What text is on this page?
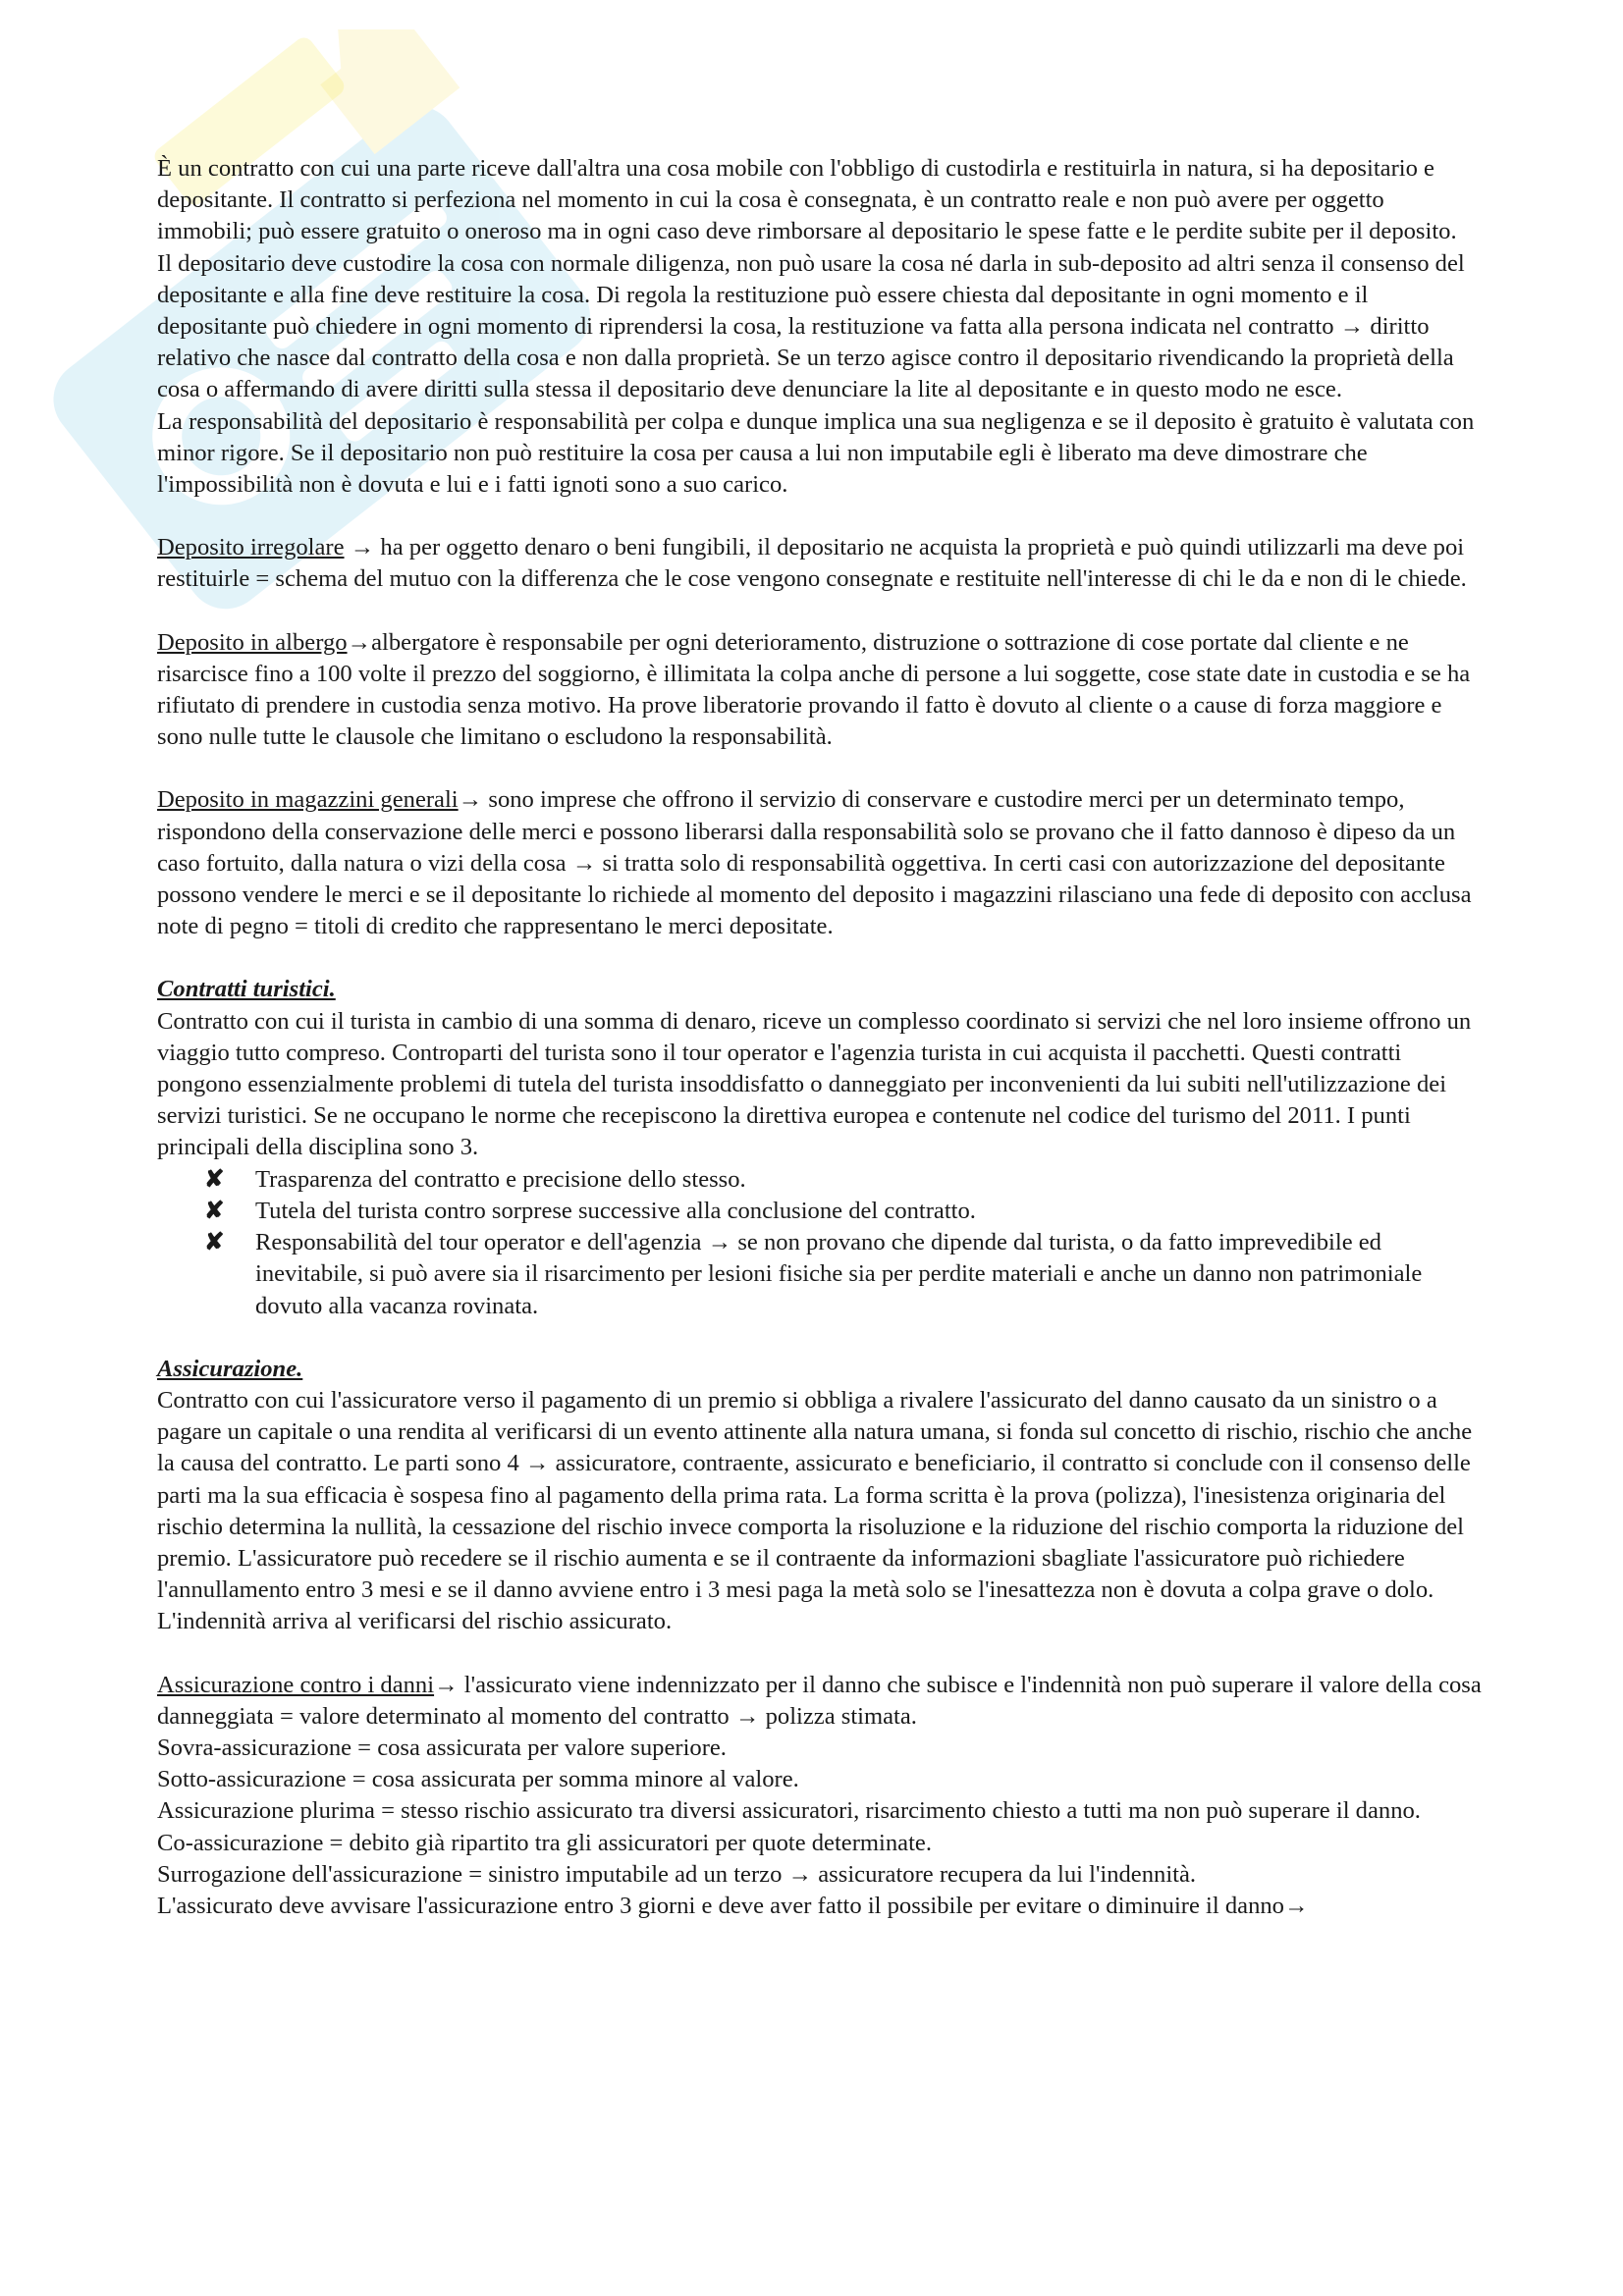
È un contratto con cui una parte riceve dall'altra una cosa mobile con l'obbligo di custodirla e restituirla in natura, si ha depositario e depositante. Il contratto si perfeziona nel momento in cui la cosa è consegnata, è un contratto reale e non può avere per oggetto immobili; può essere gratuito o oneroso ma in ogni caso deve rimborsare al depositario le spese fatte e le perdite subite per il deposito.

Il depositario deve custodire la cosa con normale diligenza, non può usare la cosa né darla in sub-deposito ad altri senza il consenso del depositante e alla fine deve restituire la cosa. Di regola la restituzione può essere chiesta dal depositante in ogni momento e il depositante può chiedere in ogni momento di riprendersi la cosa, la restituzione va fatta alla persona indicata nel contratto → diritto relativo che nasce dal contratto della cosa e non dalla proprietà. Se un terzo agisce contro il depositario rivendicando la proprietà della cosa o affermando di avere diritti sulla stessa il depositario deve denunciare la lite al depositante e in questo modo ne esce.

La responsabilità del depositario è responsabilità per colpa e dunque implica una sua negligenza e se il deposito è gratuito è valutata con minor rigore. Se il depositario non può restituire la cosa per causa a lui non imputabile egli è liberato ma deve dimostrare che l'impossibilità non è dovuta e lui e i fatti ignoti sono a suo carico.

Deposito irregolare → ha per oggetto denaro o beni fungibili, il depositario ne acquista la proprietà e può quindi utilizzarli ma deve poi restituirle = schema del mutuo con la differenza che le cose vengono consegnate e restituite nell'interesse di chi le da e non di le chiede.

Deposito in albergo→albergatore è responsabile per ogni deterioramento, distruzione o sottrazione di cose portate dal cliente e ne risarcisce fino a 100 volte il prezzo del soggiorno, è illimitata la colpa anche di persone a lui soggette, cose state date in custodia e se ha rifiutato di prendere in custodia senza motivo. Ha prove liberatorie provando il fatto è dovuto al cliente o a cause di forza maggiore e sono nulle tutte le clausole che limitano o escludono la responsabilità.

Deposito in magazzini generali→ sono imprese che offrono il servizio di conservare e custodire merci per un determinato tempo, rispondono della conservazione delle merci e possono liberarsi dalla responsabilità solo se provano che il fatto dannoso è dipeso da un caso fortuito, dalla natura o vizi della cosa → si tratta solo di responsabilità oggettiva. In certi casi con autorizzazione del depositante possono vendere le merci e se il depositante lo richiede al momento del deposito i magazzini rilasciano una fede di deposito con acclusa note di pegno = titoli di credito che rappresentano le merci depositate.

Contratti turistici.

Contratto con cui il turista in cambio di una somma di denaro, riceve un complesso coordinato si servizi che nel loro insieme offrono un viaggio tutto compreso. Controparti del turista sono il tour operator e l'agenzia turista in cui acquista il pacchetti. Questi contratti pongono essenzialmente problemi di tutela del turista insoddisfatto o danneggiato per inconvenienti da lui subiti nell'utilizzazione dei servizi turistici. Se ne occupano le norme che recepiscono la direttiva europea e contenute nel codice del turismo del 2011. I punti principali della disciplina sono 3.

✘ Trasparenza del contratto e precisione dello stesso.
✘ Tutela del turista contro sorprese successive alla conclusione del contratto.
✘ Responsabilità del tour operator e dell'agenzia → se non provano che dipende dal turista, o da fatto imprevedibile ed inevitabile, si può avere sia il risarcimento per lesioni fisiche sia per perdite materiali e anche un danno non patrimoniale dovuto alla vacanza rovinata.

Assicurazione.

Contratto con cui l'assicuratore verso il pagamento di un premio si obbliga a rivalere l'assicurato del danno causato da un sinistro o a pagare un capitale o una rendita al verificarsi di un evento attinente alla natura umana, si fonda sul concetto di rischio, rischio che anche la causa del contratto. Le parti sono 4 → assicuratore, contraente, assicurato e beneficiario, il contratto si conclude con il consenso delle parti ma la sua efficacia è sospesa fino al pagamento della prima rata. La forma scritta è la prova (polizza), l'inesistenza originaria del rischio determina la nullità, la cessazione del rischio invece comporta la risoluzione e la riduzione del rischio comporta la riduzione del premio. L'assicuratore può recedere se il rischio aumenta e se il contraente da informazioni sbagliate l'assicuratore può richiedere l'annullamento entro 3 mesi e se il danno avviene entro i 3 mesi paga la metà solo se l'inesattezza non è dovuta a colpa grave o dolo. L'indennità arriva al verificarsi del rischio assicurato.

Assicurazione contro i danni→ l'assicurato viene indennizzato per il danno che subisce e l'indennità non può superare il valore della cosa danneggiata = valore determinato al momento del contratto → polizza stimata.

Sovra-assicurazione = cosa assicurata per valore superiore.

Sotto-assicurazione = cosa assicurata per somma minore al valore.

Assicurazione plurima = stesso rischio assicurato tra diversi assicuratori, risarcimento chiesto a tutti ma non può superare il danno.

Co-assicurazione = debito già ripartito tra gli assicuratori per quote determinate.

Surrogazione dell'assicurazione = sinistro imputabile ad un terzo → assicuratore recupera da lui l'indennità.

L'assicurato deve avvisare l'assicurazione entro 3 giorni e deve aver fatto il possibile per evitare o diminuire il danno→
